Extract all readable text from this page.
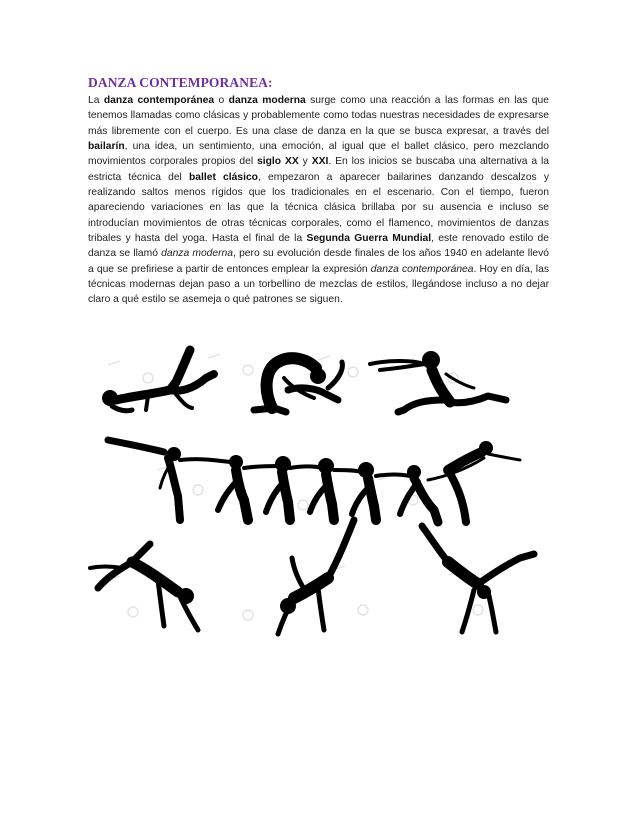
DANZA CONTEMPORANEA:

La danza contemporánea o danza moderna surge como una reacción a las formas en las que tenemos llamadas como clásicas y probablemente como todas nuestras necesidades de expresarse más libremente con el cuerpo. Es una clase de danza en la que se busca expresar, a través del bailarín, una idea, un sentimiento, una emoción, al igual que el ballet clásico, pero mezclando movimientos corporales propios del siglo XX y XXI. En los inicios se buscaba una alternativa a la estricta técnica del ballet clásico, empezaron a aparecer bailarines danzando descalzos y realizando saltos menos rígidos que los tradicionales en el escenario. Con el tiempo, fueron apareciendo variaciones en las que la técnica clásica brillaba por su ausencia e incluso se introducían movimientos de otras técnicas corporales, como el flamenco, movimientos de danzas tribales y hasta del yoga. Hasta el final de la Segunda Guerra Mundial, este renovado estilo de danza se llamó danza moderna, pero su evolución desde finales de los años 1940 en adelante llevó a que se prefiriese a partir de entonces emplear la expresión danza contemporánea. Hoy en día, las técnicas modernas dejan paso a un torbellino de mezclas de estilos, llegándose incluso a no dejar claro a qué estilo se asemeja o qué patrones se siguen.
